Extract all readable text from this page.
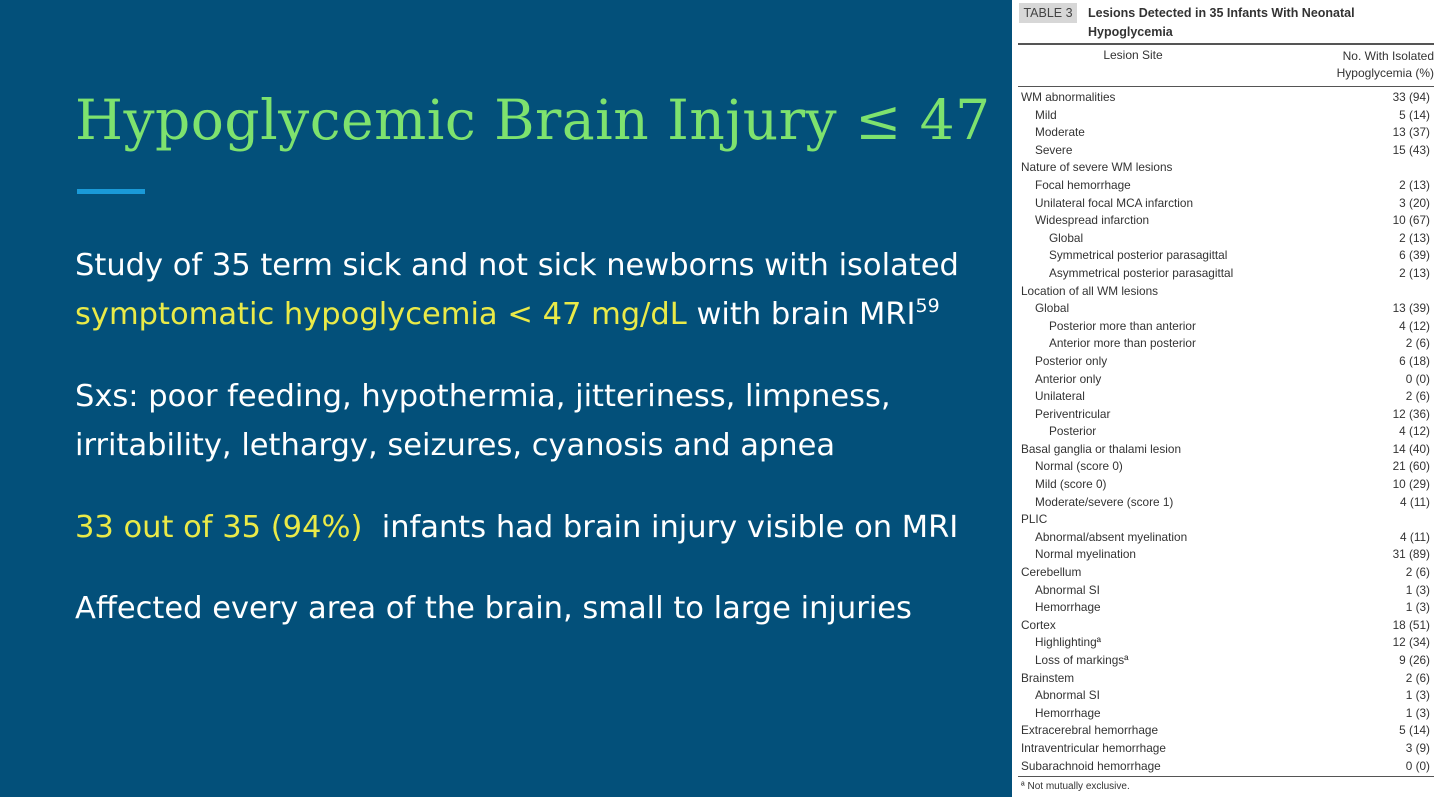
Hypoglycemic Brain Injury ≤ 47
Study of 35 term sick and not sick newborns with isolated
symptomatic hypoglycemia < 47 mg/dL with brain MRI$^{59}$
Sxs: poor feeding, hypothermia, jitteriness, limpness,
irritability, lethargy, seizures, cyanosis and apnea
33 out of 35 (94%)  infants had brain injury visible on MRI
Affected every area of the brain, small to large injuries
TABLE 3	Lesions Detected in 35 Infants With Neonatal Hypoglycemia
Lesion Site	No. With Isolated
Hypoglycemia (%)
WM abnormalities	33 (94)
Mild	5 (14)
Moderate	13 (37)
Severe	15 (43)
Nature of severe WM lesions
Focal hemorrhage	2 (13)
Unilateral focal MCA infarction	3 (20)
Widespread infarction	10 (67)
Global	2 (13)
Symmetrical posterior parasagittal	6 (39)
Asymmetrical posterior parasagittal	2 (13)
Location of all WM lesions
Global	13 (39)
Posterior more than anterior	4 (12)
Anterior more than posterior	2 (6)
Posterior only	6 (18)
Anterior only	0 (0)
Unilateral	2 (6)
Periventricular	12 (36)
Posterior	4 (12)
Basal ganglia or thalami lesion	14 (40)
Normal (score 0)	21 (60)
Mild (score 0)	10 (29)
Moderate/severe (score 1)	4 (11)
PLIC
Abnormal/absent myelination	4 (11)
Normal myelination	31 (89)
Cerebellum	2 (6)
Abnormal SI	1 (3)
Hemorrhage	1 (3)
Cortex	18 (51)
Highlightingª	12 (34)
Loss of markingsª	9 (26)
Brainstem	2 (6)
Abnormal SI	1 (3)
Hemorrhage	1 (3)
Extracerebral hemorrhage	5 (14)
Intraventricular hemorrhage	3 (9)
Subarachnoid hemorrhage	0 (0)
ª Not mutually exclusive.
